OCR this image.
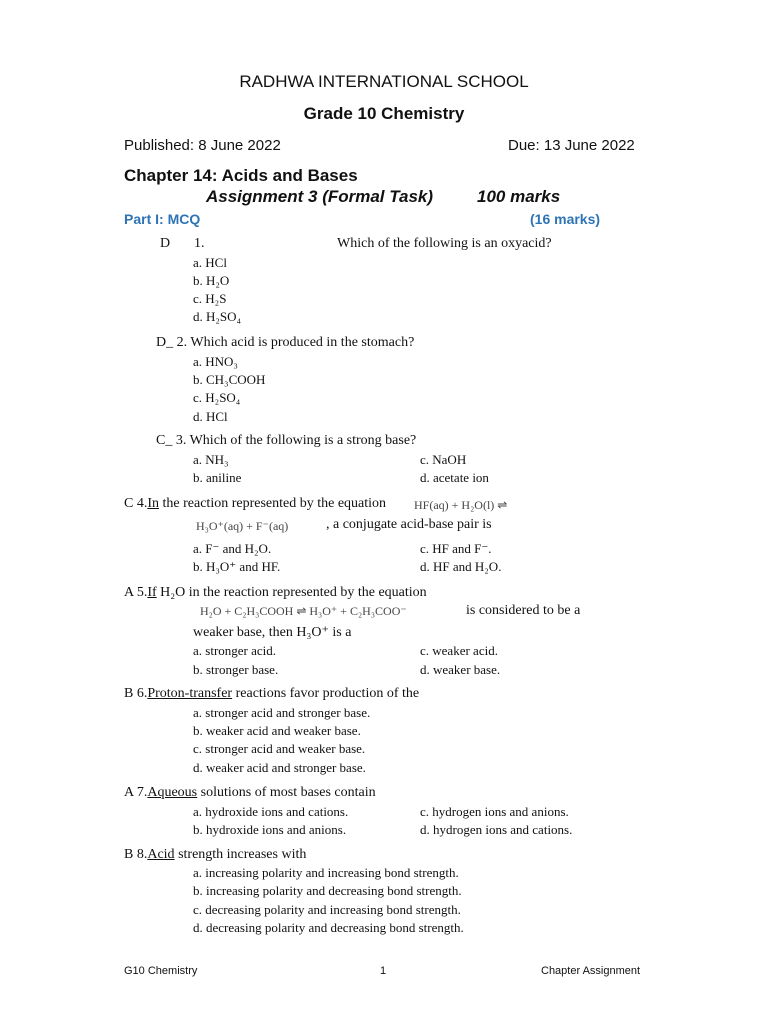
RADHWA INTERNATIONAL SCHOOL
Grade 10 Chemistry
Published: 8 June 2022	Due: 13 June 2022
Chapter 14: Acids and Bases
Assignment 3 (Formal Task)	100 marks
Part I: MCQ	(16 marks)
D 1.	Which of the following is an oxyacid?
a. HCl
b. H₂O
c. H₂S
d. H₂SO₄
D_ 2. Which acid is produced in the stomach?
a. HNO₃
b. CH₃COOH
c. H₂SO₄
d. HCl
C_ 3. Which of the following is a strong base?
a. NH₃	c. NaOH
b. aniline	d. acetate ion
C 4.In the reaction represented by the equation HF(aq) + H₂O(l) ⇌
H₃O⁺(aq) + F⁻(aq)	, a conjugate acid-base pair is
a. F⁻ and H₂O.	c. HF and F⁻.
b. H₃O⁺ and HF.	d. HF and H₂O.
A 5.If H₂O in the reaction represented by the equation
H₂O + C₂H₃COOH ⇌ H₃O⁺ + C₂H₃COO⁻	is considered to be a
weaker base, then H₃O⁺ is a
a. stronger acid.	c. weaker acid.
b. stronger base.	d. weaker base.
B 6.Proton-transfer reactions favor production of the
a. stronger acid and stronger base.
b. weaker acid and weaker base.
c. stronger acid and weaker base.
d. weaker acid and stronger base.
A 7.Aqueous solutions of most bases contain
a. hydroxide ions and cations.	c. hydrogen ions and anions.
b. hydroxide ions and anions.	d. hydrogen ions and cations.
B 8.Acid strength increases with
a. increasing polarity and increasing bond strength.
b. increasing polarity and decreasing bond strength.
c. decreasing polarity and increasing bond strength.
d. decreasing polarity and decreasing bond strength.
G10 Chemistry	1	Chapter Assignment
